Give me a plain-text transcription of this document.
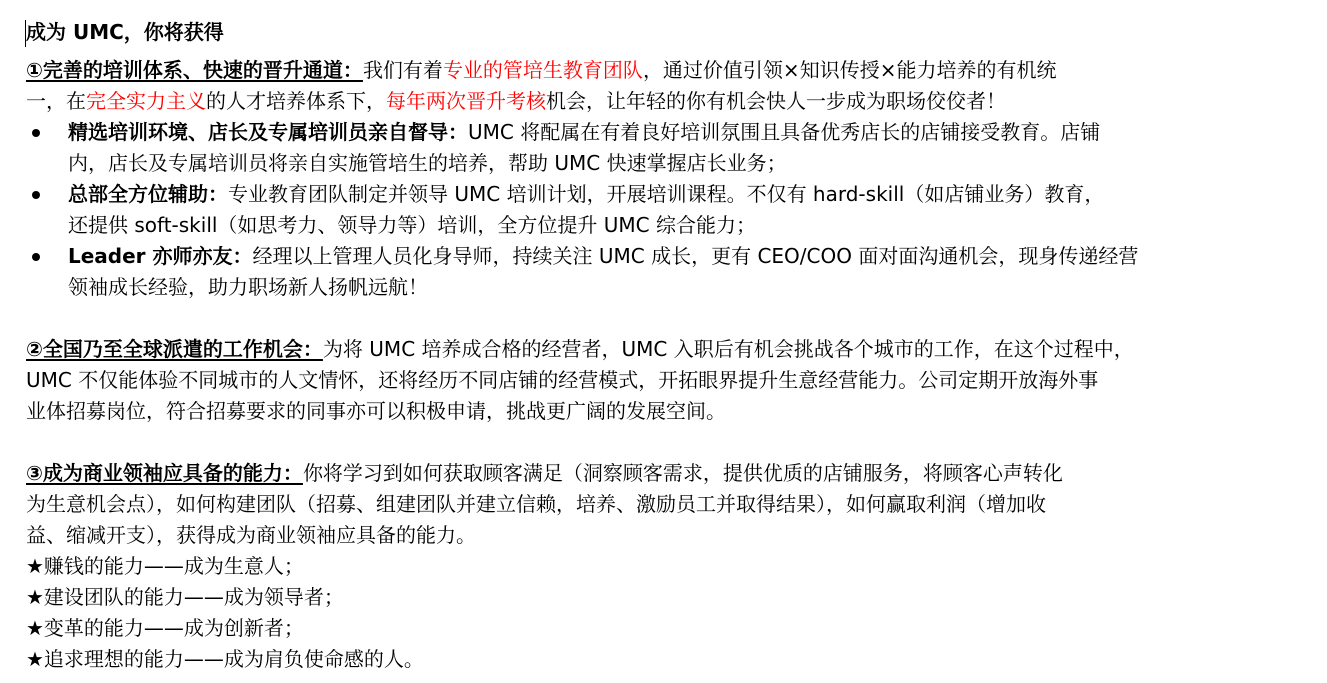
成为 UMC，你将获得
①完善的培训体系、快速的晋升通道：我们有着专业的管培生教育团队，通过价值引领×知识传授×能力培养的有机统
一，在完全实力主义的人才培养体系下，每年两次晋升考核机会，让年轻的你有机会快人一步成为职场佼佼者！
精选培训环境、店长及专属培训员亲自督导：UMC 将配属在有着良好培训氛围且具备优秀店长的店铺接受教育。店铺
内，店长及专属培训员将亲自实施管培生的培养，帮助 UMC 快速掌握店长业务；
总部全方位辅助：专业教育团队制定并领导 UMC 培训计划，开展培训课程。不仅有 hard-skill（如店铺业务）教育，
还提供 soft-skill（如思考力、领导力等）培训，全方位提升 UMC 综合能力；
Leader 亦师亦友：经理以上管理人员化身导师，持续关注 UMC 成长，更有 CEO/COO 面对面沟通机会，现身传递经营
领袖成长经验，助力职场新人扬帆远航！
②全国乃至全球派遣的工作机会：为将 UMC 培养成合格的经营者，UMC 入职后有机会挑战各个城市的工作，在这个过程中，
UMC 不仅能体验不同城市的人文情怀，还将经历不同店铺的经营模式，开拓眼界提升生意经营能力。公司定期开放海外事
业体招募岗位，符合招募要求的同事亦可以积极申请，挑战更广阔的发展空间。
③成为商业领袖应具备的能力：你将学习到如何获取顾客满足（洞察顾客需求，提供优质的店铺服务，将顾客心声转化
为生意机会点），如何构建团队（招募、组建团队并建立信赖，培养、激励员工并取得结果），如何赢取利润（增加收
益、缩减开支），获得成为商业领袖应具备的能力。
★赚钱的能力——成为生意人；
★建设团队的能力——成为领导者；
★变革的能力——成为创新者；
★追求理想的能力——成为肩负使命感的人。
